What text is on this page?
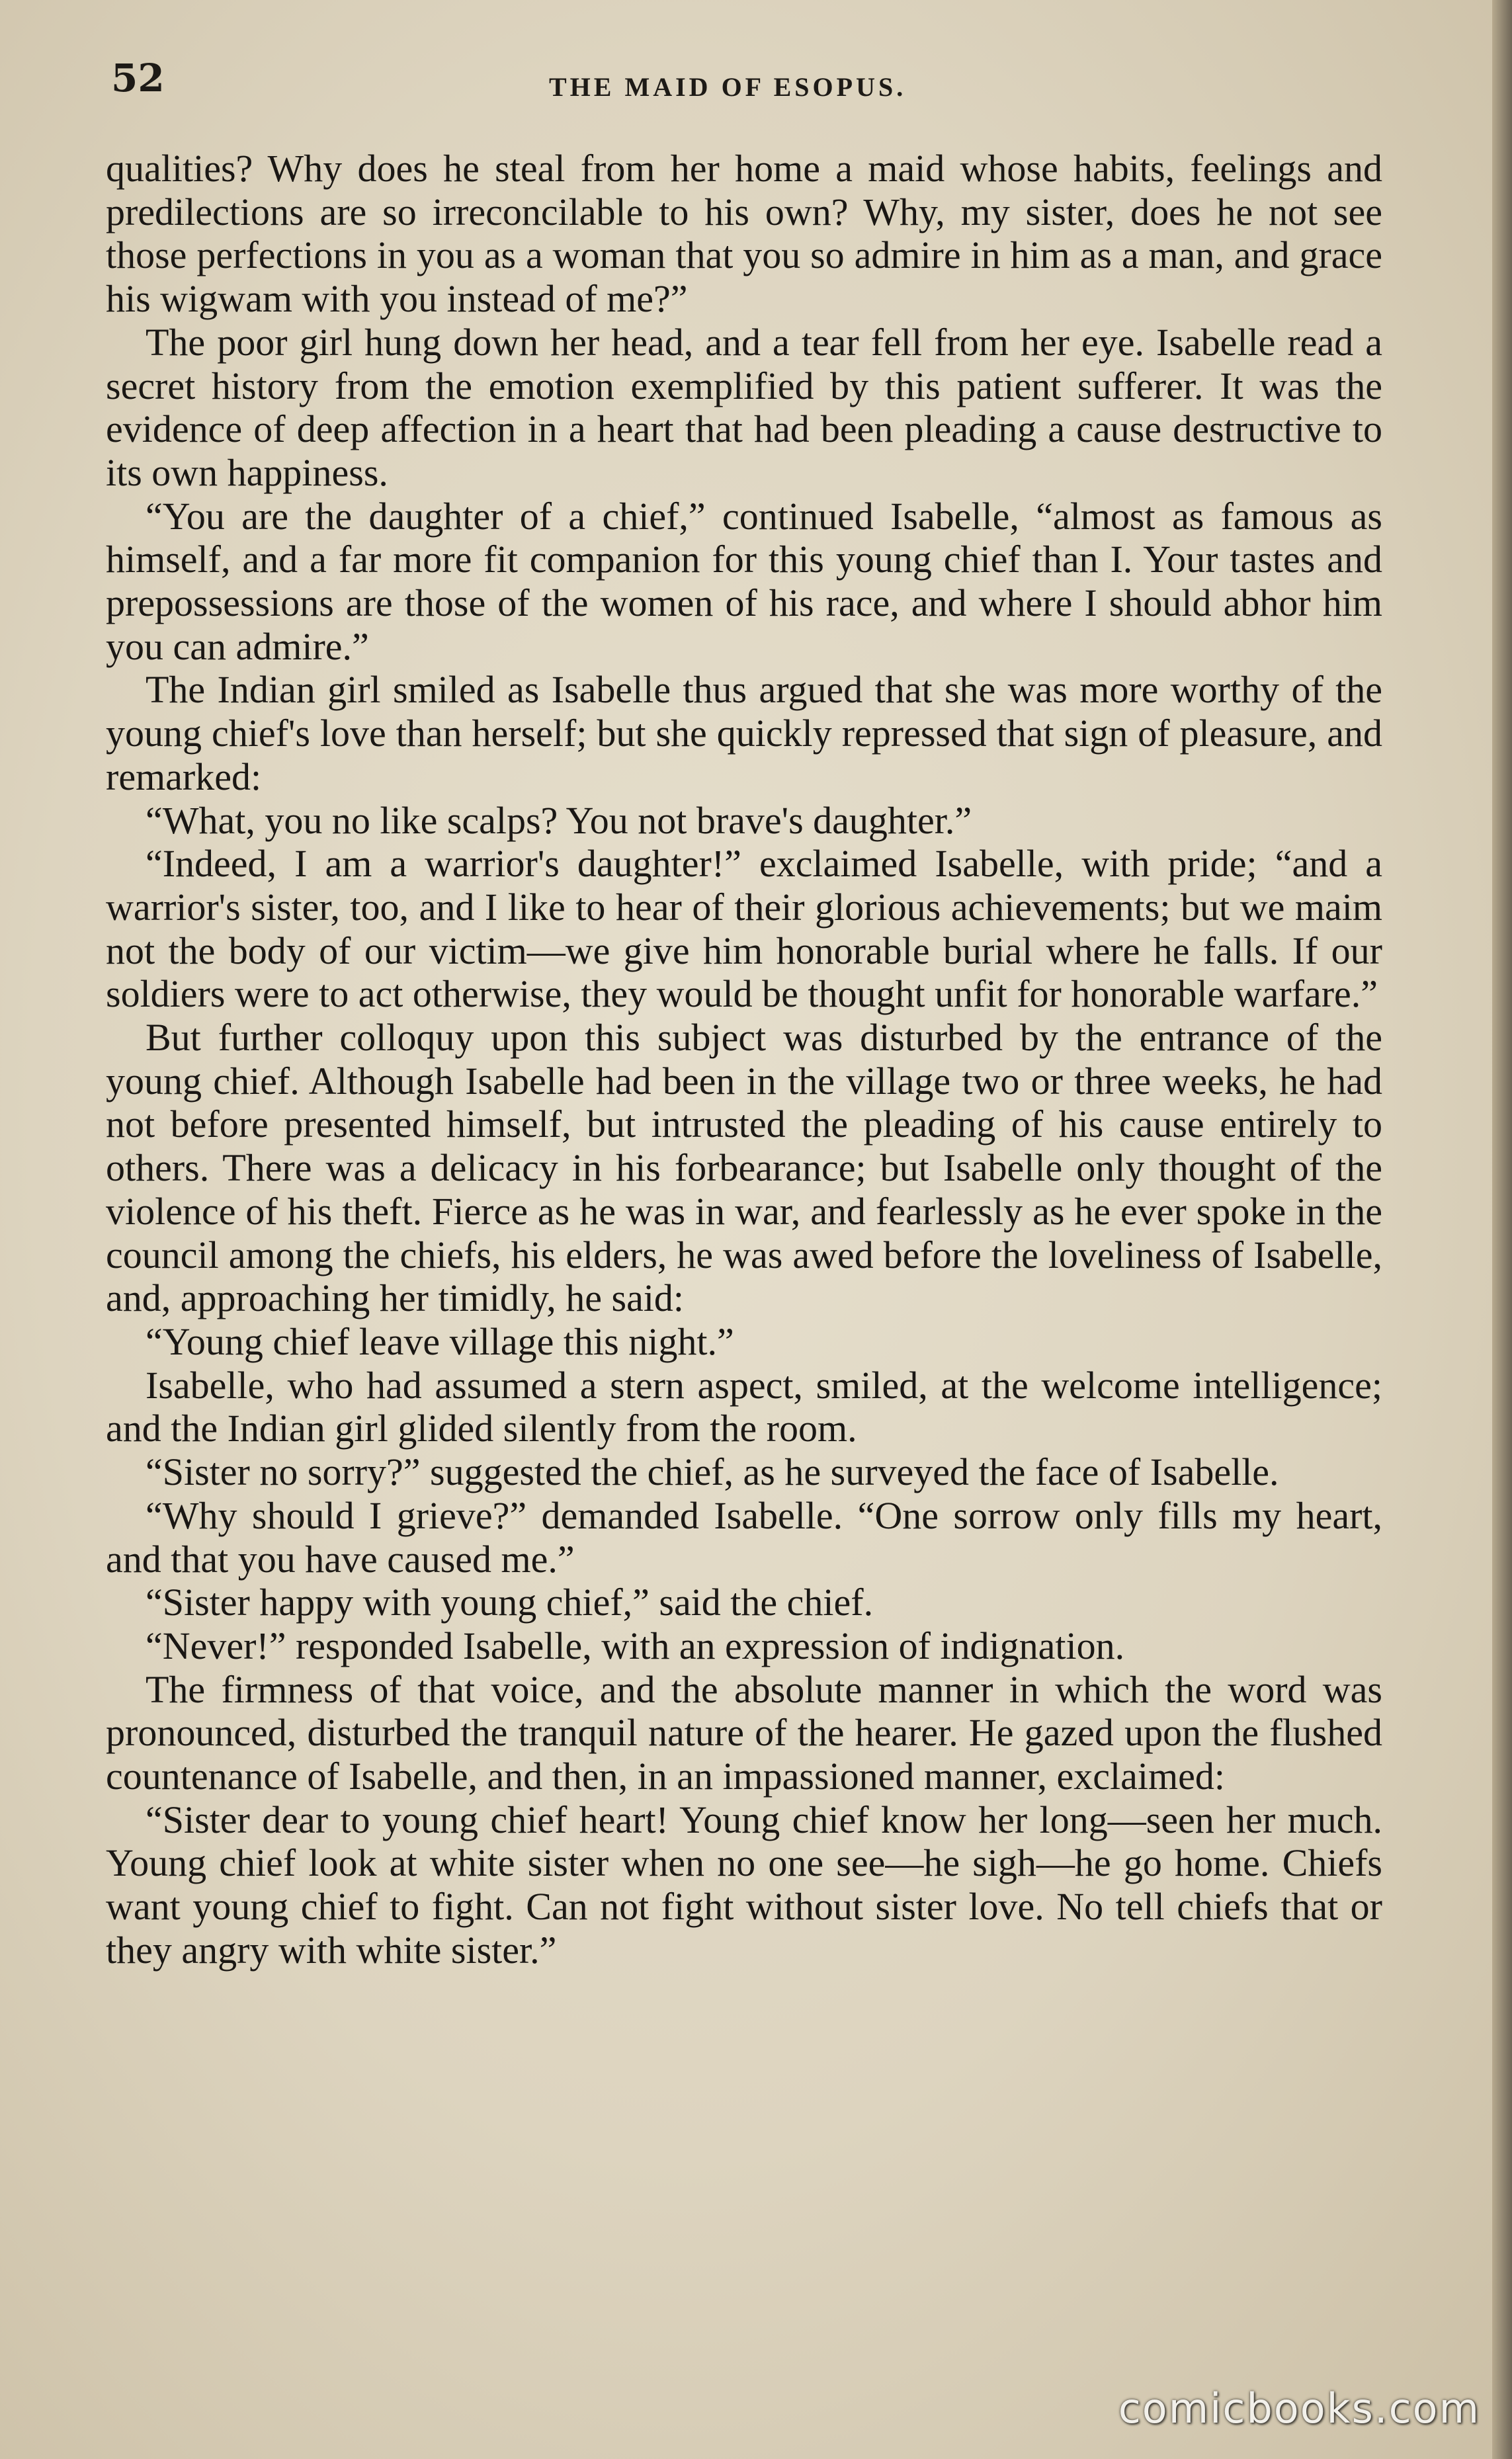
52	THE MAID OF ESOPUS.

qualities? Why does he steal from her home a maid whose habits, feelings and predilections are so irreconcilable to his own? Why, my sister, does he not see those perfections in you as a woman that you so admire in him as a man, and grace his wigwam with you instead of me?”

The poor girl hung down her head, and a tear fell from her eye. Isabelle read a secret history from the emotion exemplified by this patient sufferer. It was the evidence of deep affection in a heart that had been pleading a cause destructive to its own happiness.

“You are the daughter of a chief,” continued Isabelle, “almost as famous as himself, and a far more fit companion for this young chief than I. Your tastes and prepossessions are those of the women of his race, and where I should abhor him you can admire.”

The Indian girl smiled as Isabelle thus argued that she was more worthy of the young chief's love than herself; but she quickly repressed that sign of pleasure, and remarked:

“What, you no like scalps? You not brave's daughter.”

“Indeed, I am a warrior's daughter!” exclaimed Isabelle, with pride; “and a warrior's sister, too, and I like to hear of their glorious achievements; but we maim not the body of our victim—we give him honorable burial where he falls. If our soldiers were to act otherwise, they would be thought unfit for honorable warfare.”

But further colloquy upon this subject was disturbed by the entrance of the young chief. Although Isabelle had been in the village two or three weeks, he had not before presented himself, but intrusted the pleading of his cause entirely to others. There was a delicacy in his forbearance; but Isabelle only thought of the violence of his theft. Fierce as he was in war, and fearlessly as he ever spoke in the council among the chiefs, his elders, he was awed before the loveliness of Isabelle, and, approaching her timidly, he said:

“Young chief leave village this night.”

Isabelle, who had assumed a stern aspect, smiled, at the welcome intelligence; and the Indian girl glided silently from the room.

“Sister no sorry?” suggested the chief, as he surveyed the face of Isabelle.

“Why should I grieve?” demanded Isabelle. “One sorrow only fills my heart, and that you have caused me.”

“Sister happy with young chief,” said the chief.

“Never!” responded Isabelle, with an expression of indignation.

The firmness of that voice, and the absolute manner in which the word was pronounced, disturbed the tranquil nature of the hearer. He gazed upon the flushed countenance of Isabelle, and then, in an impassioned manner, exclaimed:

“Sister dear to young chief heart! Young chief know her long—seen her much. Young chief look at white sister when no one see—he sigh—he go home. Chiefs want young chief to fight. Can not fight without sister love. No tell chiefs that or they angry with white sister.”

comicbooks.com
